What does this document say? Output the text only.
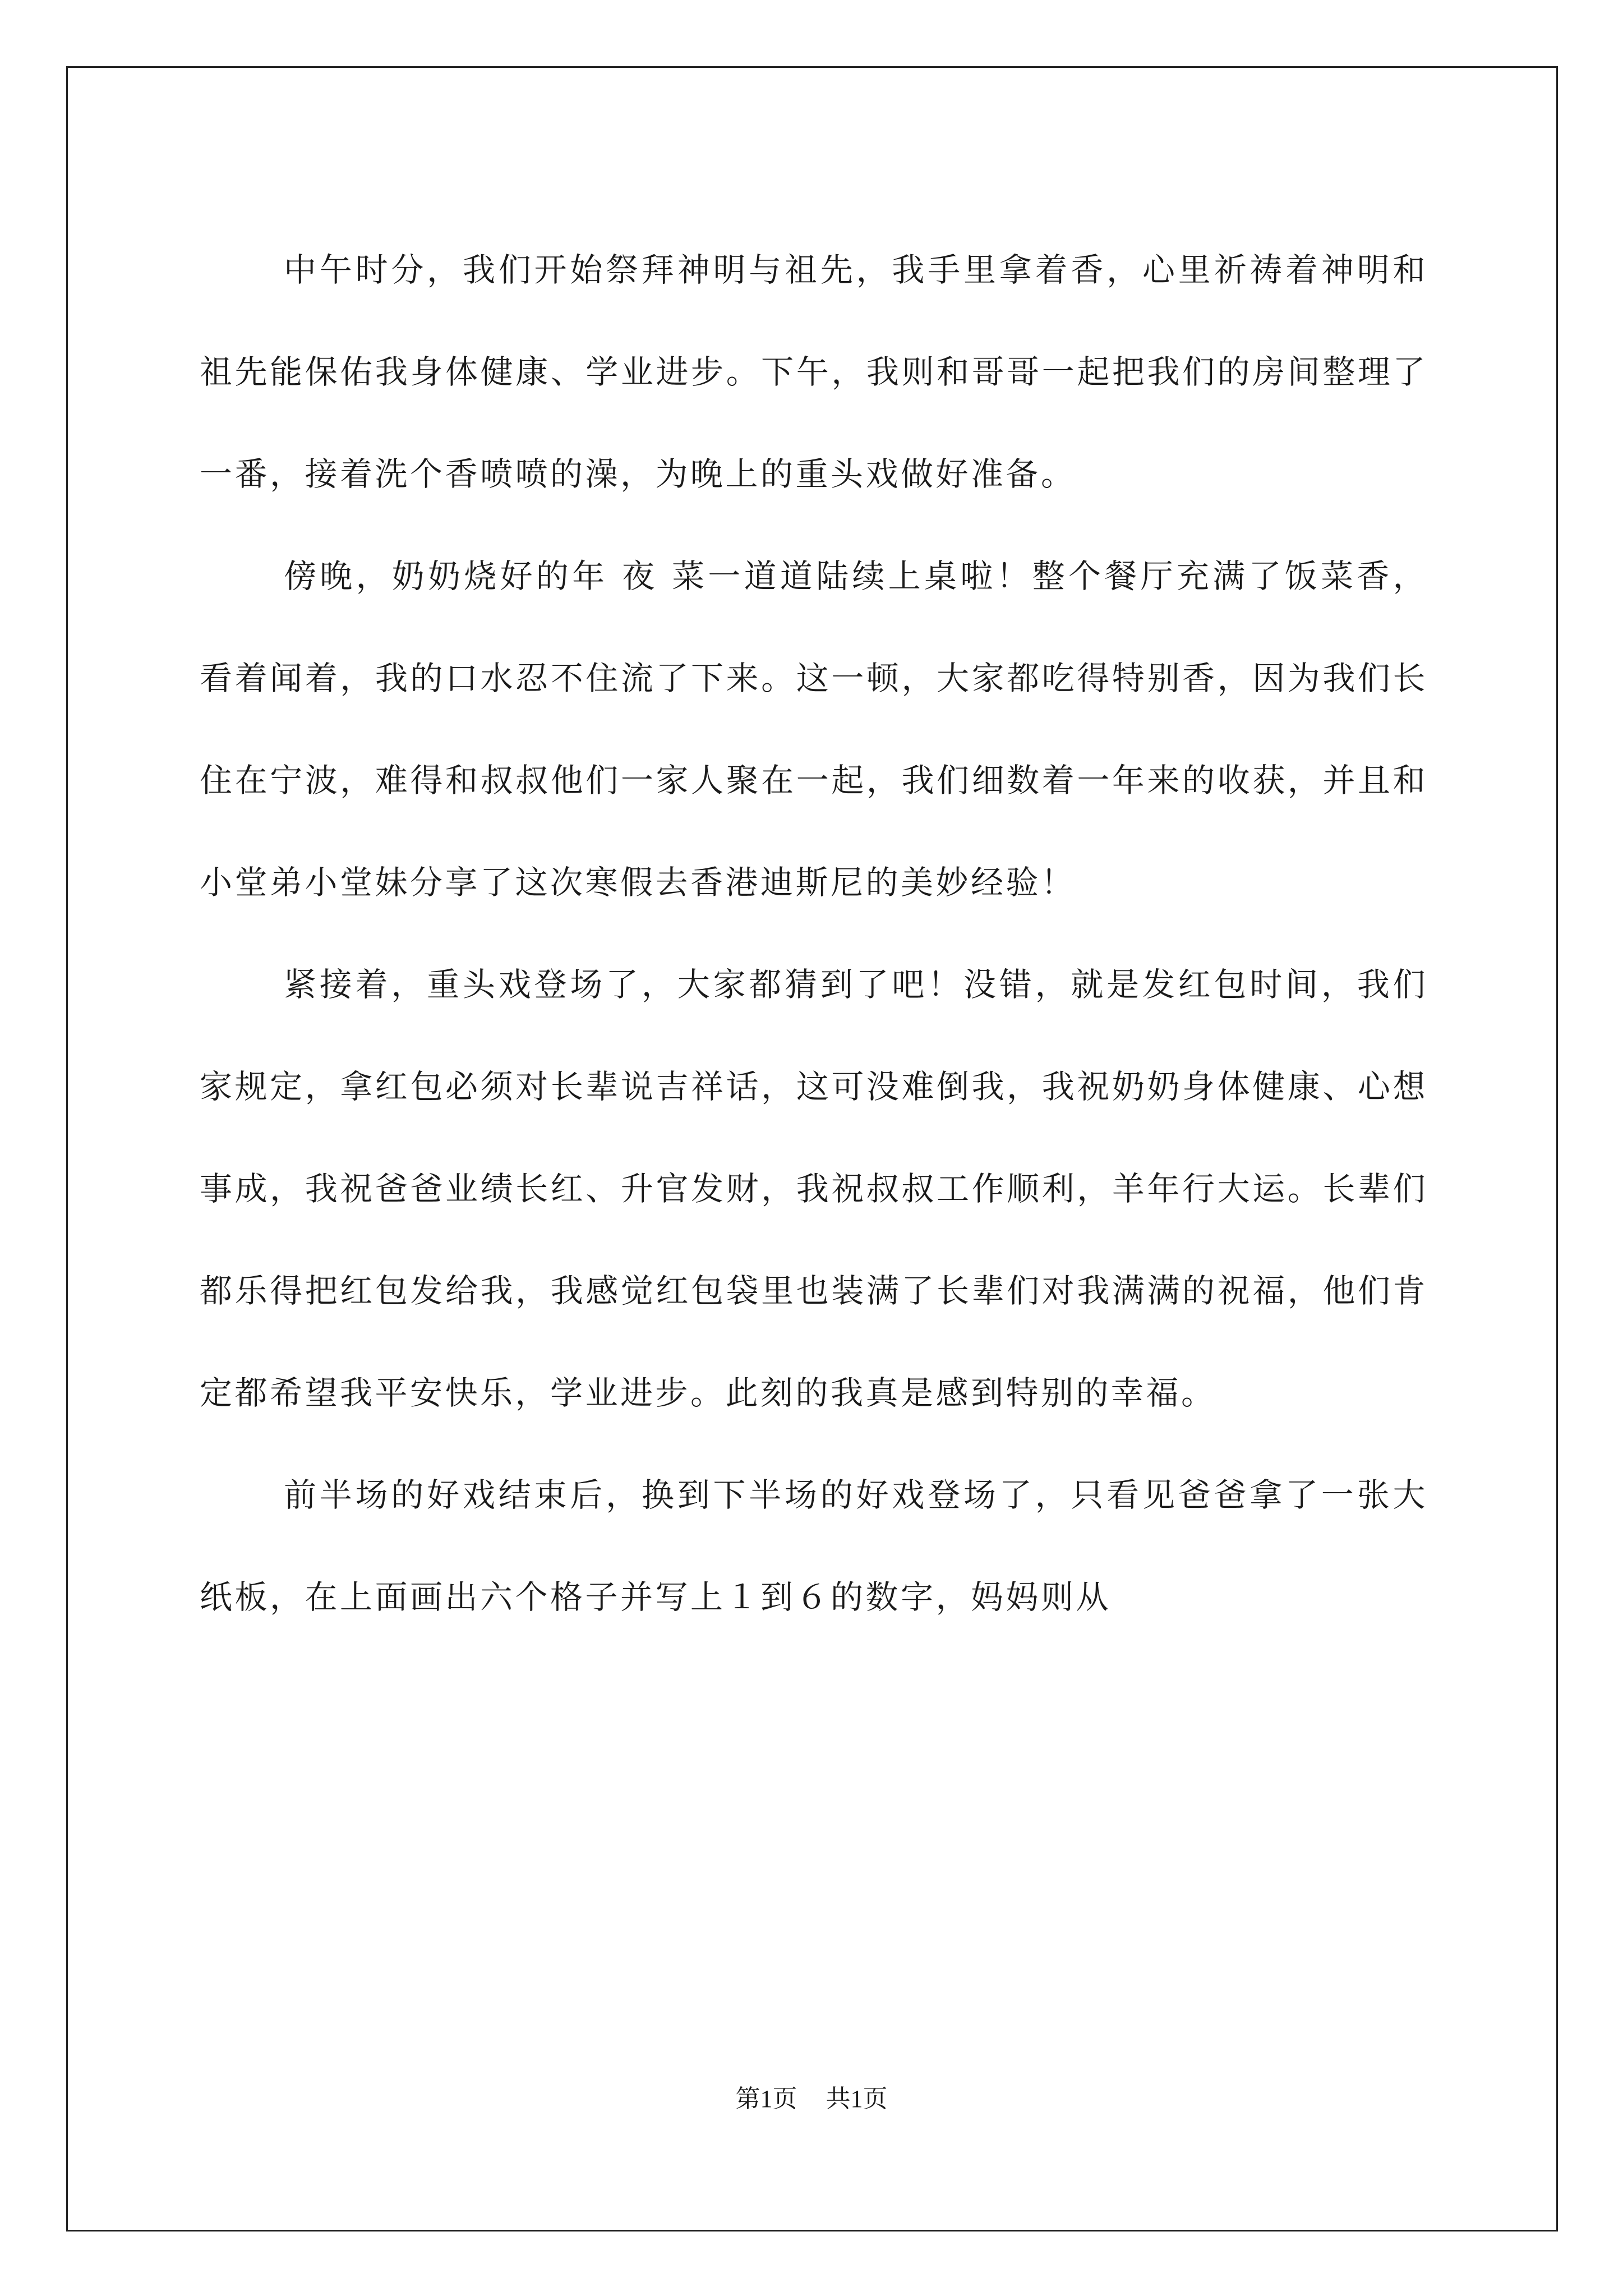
中午时分，我们开始祭拜神明与祖先，我手里拿着香，心里祈祷着神明和祖先能保佑我身体健康、学业进步。下午，我则和哥哥一起把我们的房间整理了一番，接着洗个香喷喷的澡，为晚上的重头戏做好准备。

傍晚，奶奶烧好的年 夜 菜一道道陆续上桌啦！整个餐厅充满了饭菜香，看着闻着，我的口水忍不住流了下来。这一顿，大家都吃得特别香，因为我们长住在宁波，难得和叔叔他们一家人聚在一起，我们细数着一年来的收获，并且和小堂弟小堂妹分享了这次寒假去香港迪斯尼的美妙经验！

紧接着，重头戏登场了，大家都猜到了吧！没错，就是发红包时间，我们家规定，拿红包必须对长辈说吉祥话，这可没难倒我，我祝奶奶身体健康、心想事成，我祝爸爸业绩长红、升官发财，我祝叔叔工作顺利，羊年行大运。长辈们都乐得把红包发给我，我感觉红包袋里也装满了长辈们对我满满的祝福，他们肯定都希望我平安快乐，学业进步。此刻的我真是感到特别的幸福。

前半场的好戏结束后，换到下半场的好戏登场了，只看见爸爸拿了一张大纸板，在上面画出六个格子并写上１到６的数字，妈妈则从

第1页 共1页
